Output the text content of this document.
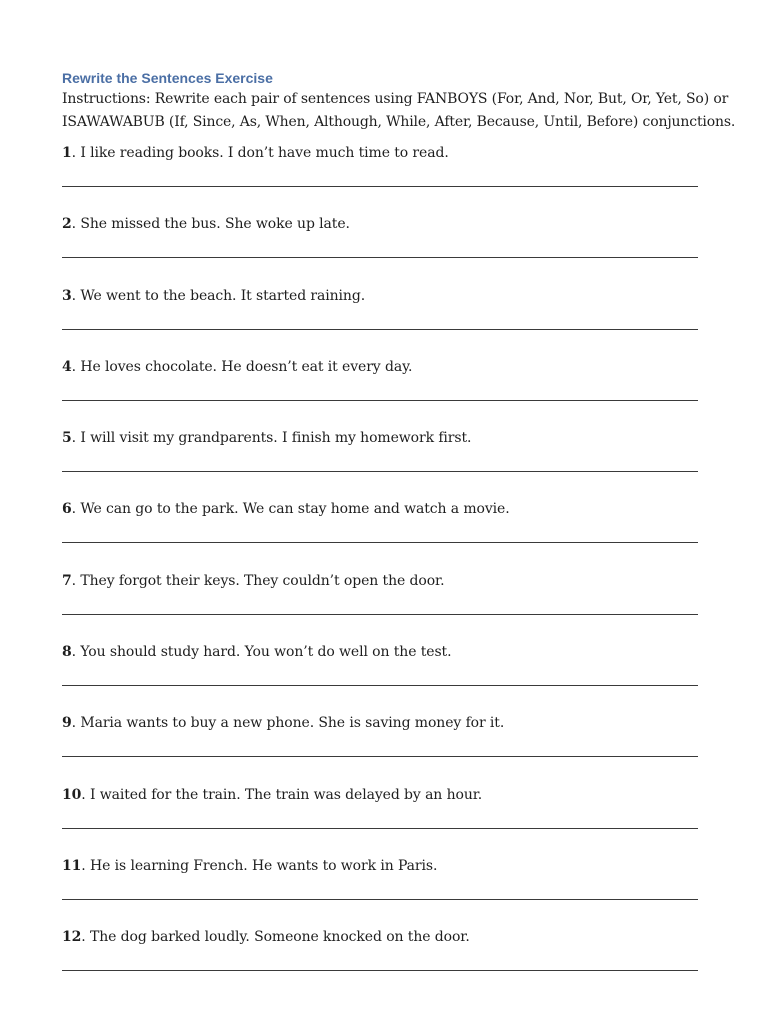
Rewrite the Sentences Exercise
Instructions: Rewrite each pair of sentences using FANBOYS (For, And, Nor, But, Or, Yet, So) or
ISAWAWABUB (If, Since, As, When, Although, While, After, Because, Until, Before) conjunctions.
1. I like reading books. I don’t have much time to read.
2. She missed the bus. She woke up late.
3. We went to the beach. It started raining.
4. He loves chocolate. He doesn’t eat it every day.
5. I will visit my grandparents. I finish my homework first.
6. We can go to the park. We can stay home and watch a movie.
7. They forgot their keys. They couldn’t open the door.
8. You should study hard. You won’t do well on the test.
9. Maria wants to buy a new phone. She is saving money for it.
10. I waited for the train. The train was delayed by an hour.
11. He is learning French. He wants to work in Paris.
12. The dog barked loudly. Someone knocked on the door.
